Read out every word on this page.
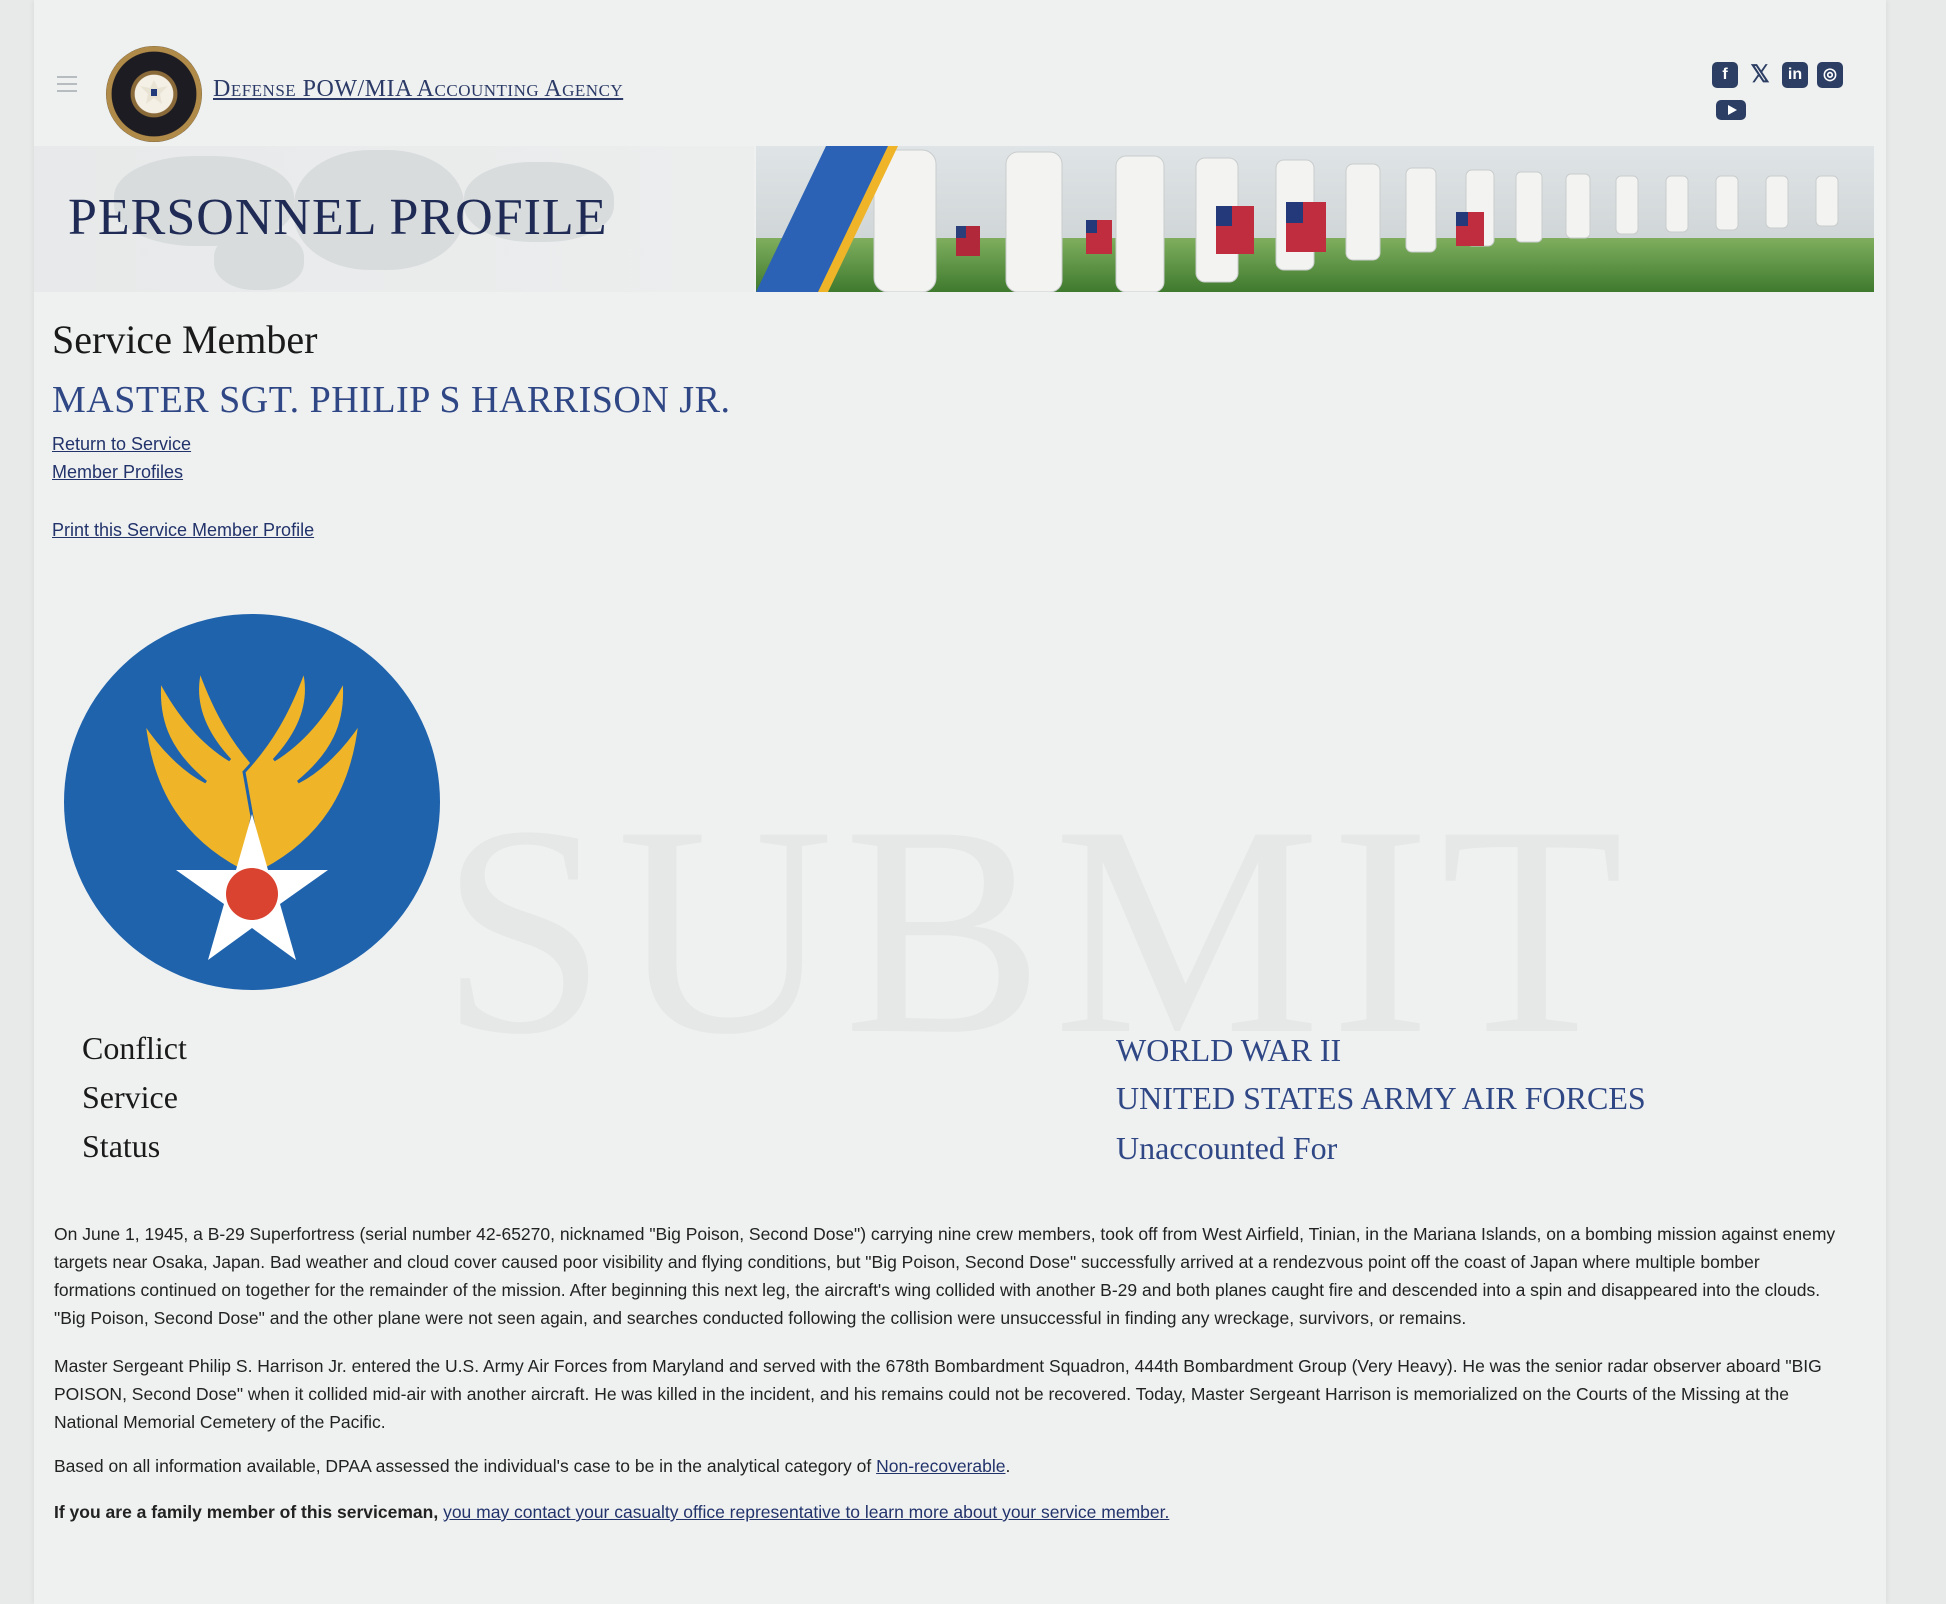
Defense POW/MIA Accounting Agency
f 𝕏	in	◎
PERSONNEL PROFILE
Service Member
MASTER SGT. PHILIP S HARRISON JR.
Return to Service
Member Profiles
Print this Service Member Profile
Conflict	WORLD WAR II
Service	UNITED STATES ARMY AIR FORCES
Status	Unaccounted For

On June 1, 1945, a B-29 Superfortress (serial number 42-65270, nicknamed "Big Poison, Second Dose") carrying nine crew members, took off from West Airfield, Tinian, in the Mariana Islands, on a bombing mission against enemy targets near Osaka, Japan. Bad weather and cloud cover caused poor visibility and flying conditions, but "Big Poison, Second Dose" successfully arrived at a rendezvous point off the coast of Japan where multiple bomber formations continued on together for the remainder of the mission. After beginning this next leg, the aircraft's wing collided with another B-29 and both planes caught fire and descended into a spin and disappeared into the clouds. "Big Poison, Second Dose" and the other plane were not seen again, and searches conducted following the collision were unsuccessful in finding any wreckage, survivors, or remains.

Master Sergeant Philip S. Harrison Jr. entered the U.S. Army Air Forces from Maryland and served with the 678th Bombardment Squadron, 444th Bombardment Group (Very Heavy). He was the senior radar observer aboard "BIG POISON, Second Dose" when it collided mid-air with another aircraft. He was killed in the incident, and his remains could not be recovered. Today, Master Sergeant Harrison is memorialized on the Courts of the Missing at the National Memorial Cemetery of the Pacific.

Based on all information available, DPAA assessed the individual's case to be in the analytical category of Non-recoverable.

If you are a family member of this serviceman, you may contact your casualty office representative to learn more about your service member.
